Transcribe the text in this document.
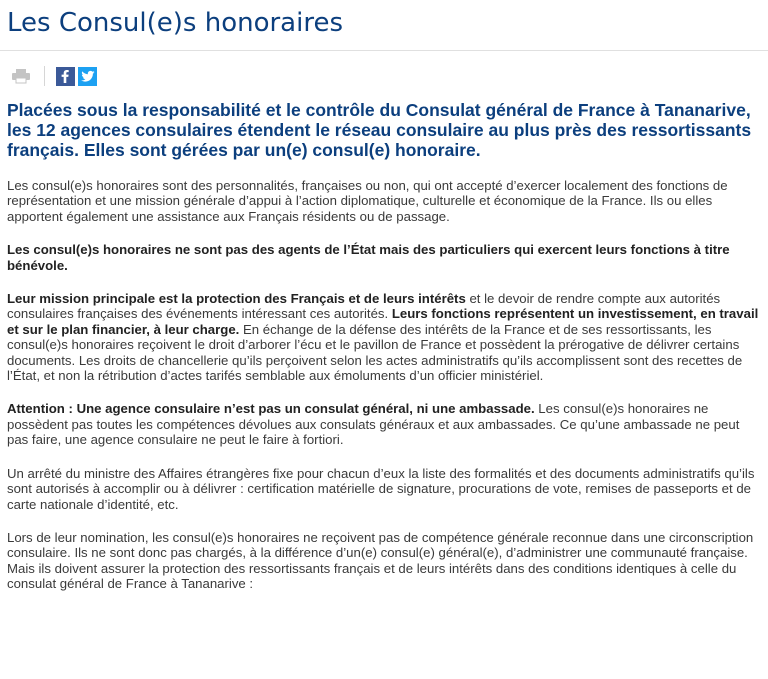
Les Consul(e)s honoraires

Placées sous la responsabilité et le contrôle du Consulat général de France à Tananarive, les 12 agences consulaires étendent le réseau consulaire au plus près des ressortissants français. Elles sont gérées par un(e) consul(e) honoraire.

Les consul(e)s honoraires sont des personnalités, françaises ou non, qui ont accepté d’exercer localement des fonctions de représentation et une mission générale d’appui à l’action diplomatique, culturelle et économique de la France. Ils ou elles apportent également une assistance aux Français résidents ou de passage.

Les consul(e)s honoraires ne sont pas des agents de l’État mais des particuliers qui exercent leurs fonctions à titre bénévole.

Leur mission principale est la protection des Français et de leurs intérêts et le devoir de rendre compte aux autorités consulaires françaises des événements intéressant ces autorités. Leurs fonctions représentent un investissement, en travail et sur le plan financier, à leur charge. En échange de la défense des intérêts de la France et de ses ressortissants, les consul(e)s honoraires reçoivent le droit d’arborer l’écu et le pavillon de France et possèdent la prérogative de délivrer certains documents. Les droits de chancellerie qu’ils perçoivent selon les actes administratifs qu’ils accomplissent sont des recettes de l’État, et non la rétribution d’actes tarifés semblable aux émoluments d’un officier ministériel.

Attention : Une agence consulaire n’est pas un consulat général, ni une ambassade. Les consul(e)s honoraires ne possèdent pas toutes les compétences dévolues aux consulats généraux et aux ambassades. Ce qu’une ambassade ne peut pas faire, une agence consulaire ne peut le faire à fortiori.

Un arrêté du ministre des Affaires étrangères fixe pour chacun d’eux la liste des formalités et des documents administratifs qu’ils sont autorisés à accomplir ou à délivrer : certification matérielle de signature, procurations de vote, remises de passeports et de carte nationale d’identité, etc.

Lors de leur nomination, les consul(e)s honoraires ne reçoivent pas de compétence générale reconnue dans une circonscription consulaire. Ils ne sont donc pas chargés, à la différence d’un(e) consul(e) général(e), d’administrer une communauté française. Mais ils doivent assurer la protection des ressortissants français et de leurs intérêts dans des conditions identiques à celle du consulat général de France à Tananarive :
